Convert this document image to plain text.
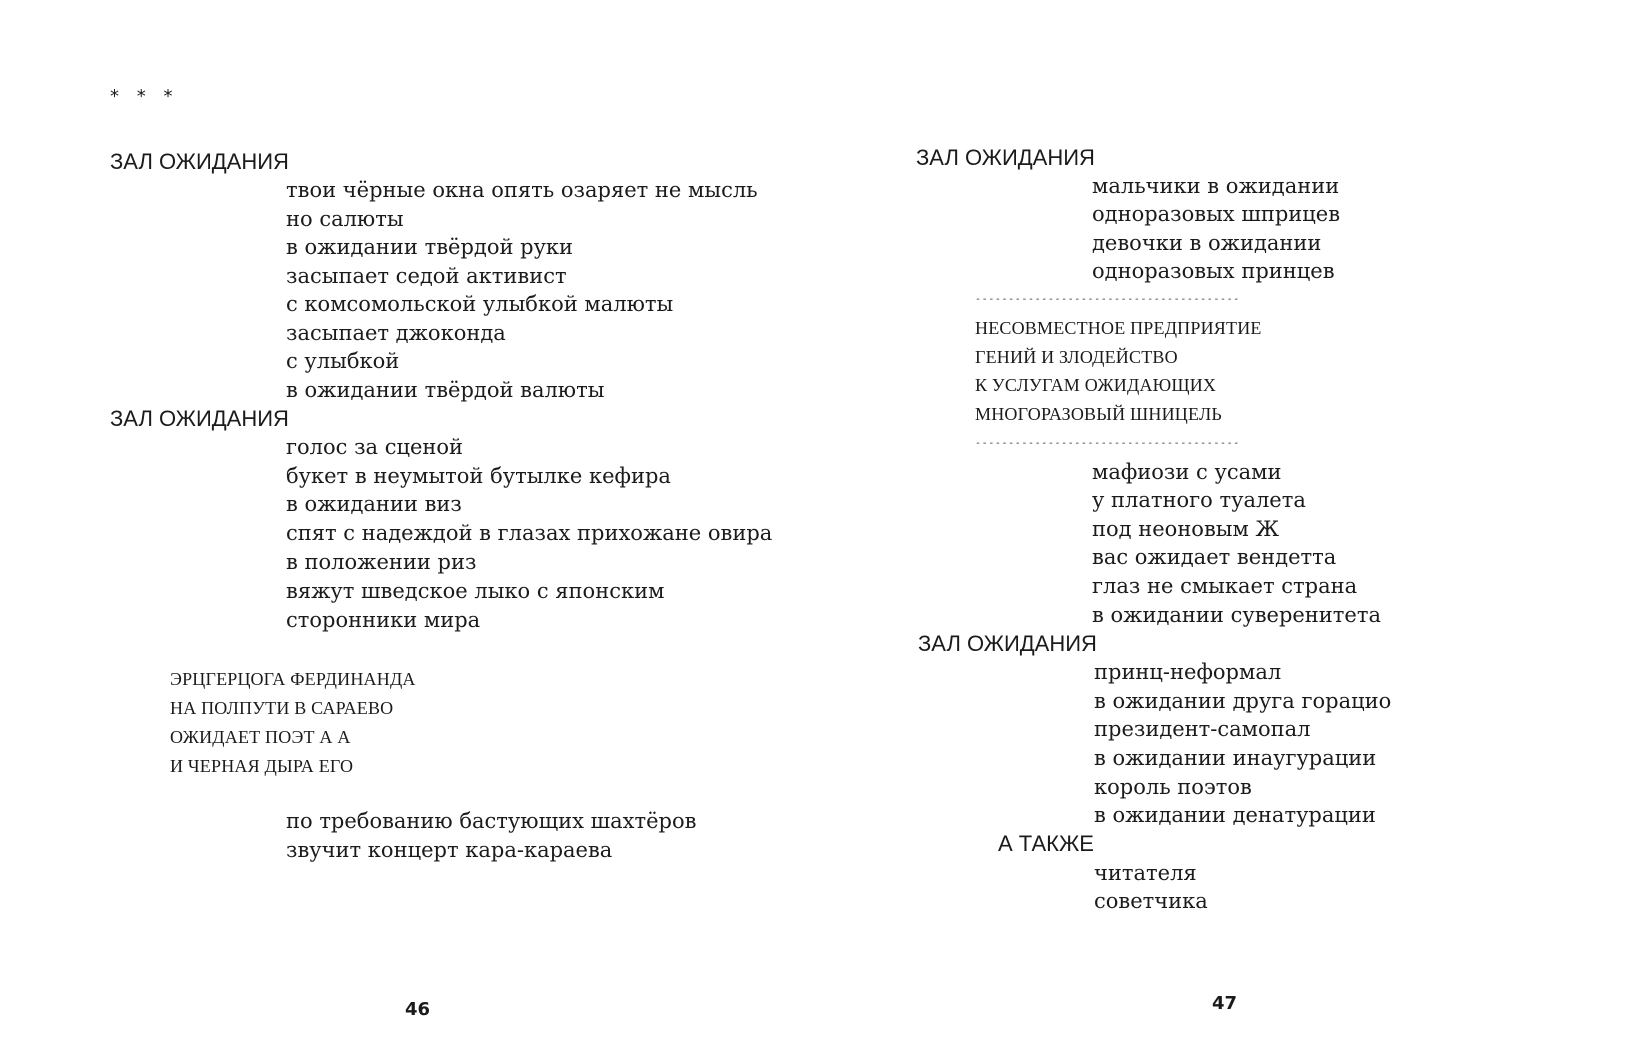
* * *
ЗАЛ ОЖИДАНИЯ
твои чёрные окна опять озаряет не мысль
но салюты
в ожидании твёрдой руки
засыпает седой активист
с комсомольской улыбкой малюты
засыпает джоконда
с улыбкой
в ожидании твёрдой валюты
ЗАЛ ОЖИДАНИЯ
голос за сценой
букет в неумытой бутылке кефира
в ожидании виз
спят с надеждой в глазах прихожане овира
в положении риз
вяжут шведское лыко с японским
сторонники мира
ЭРЦГЕРЦОГА ФЕРДИНАНДА
НА ПОЛПУТИ В САРАЕВО
ОЖИДАЕТ ПОЭТ А А
И ЧЕРНАЯ ДЫРА ЕГО
по требованию бастующих шахтёров
звучит концерт кара-караева
46
ЗАЛ ОЖИДАНИЯ
мальчики в ожидании
одноразовых шприцев
девочки в ожидании
одноразовых принцев
----------------------------------------
НЕСОВМЕСТНОЕ ПРЕДПРИЯТИЕ
ГЕНИЙ И ЗЛОДЕЙСТВО
К УСЛУГАМ ОЖИДАЮЩИХ
МНОГОРАЗОВЫЙ ШНИЦЕЛЬ
----------------------------------------
мафиози с усами
у платного туалета
под неоновым Ж
вас ожидает вендетта
глаз не смыкает страна
в ожидании суверенитета
ЗАЛ ОЖИДАНИЯ
принц-неформал
в ожидании друга горацио
президент-самопал
в ожидании инаугурации
король поэтов
в ожидании денатурации
А ТАКЖЕ
читателя
советчика
47
